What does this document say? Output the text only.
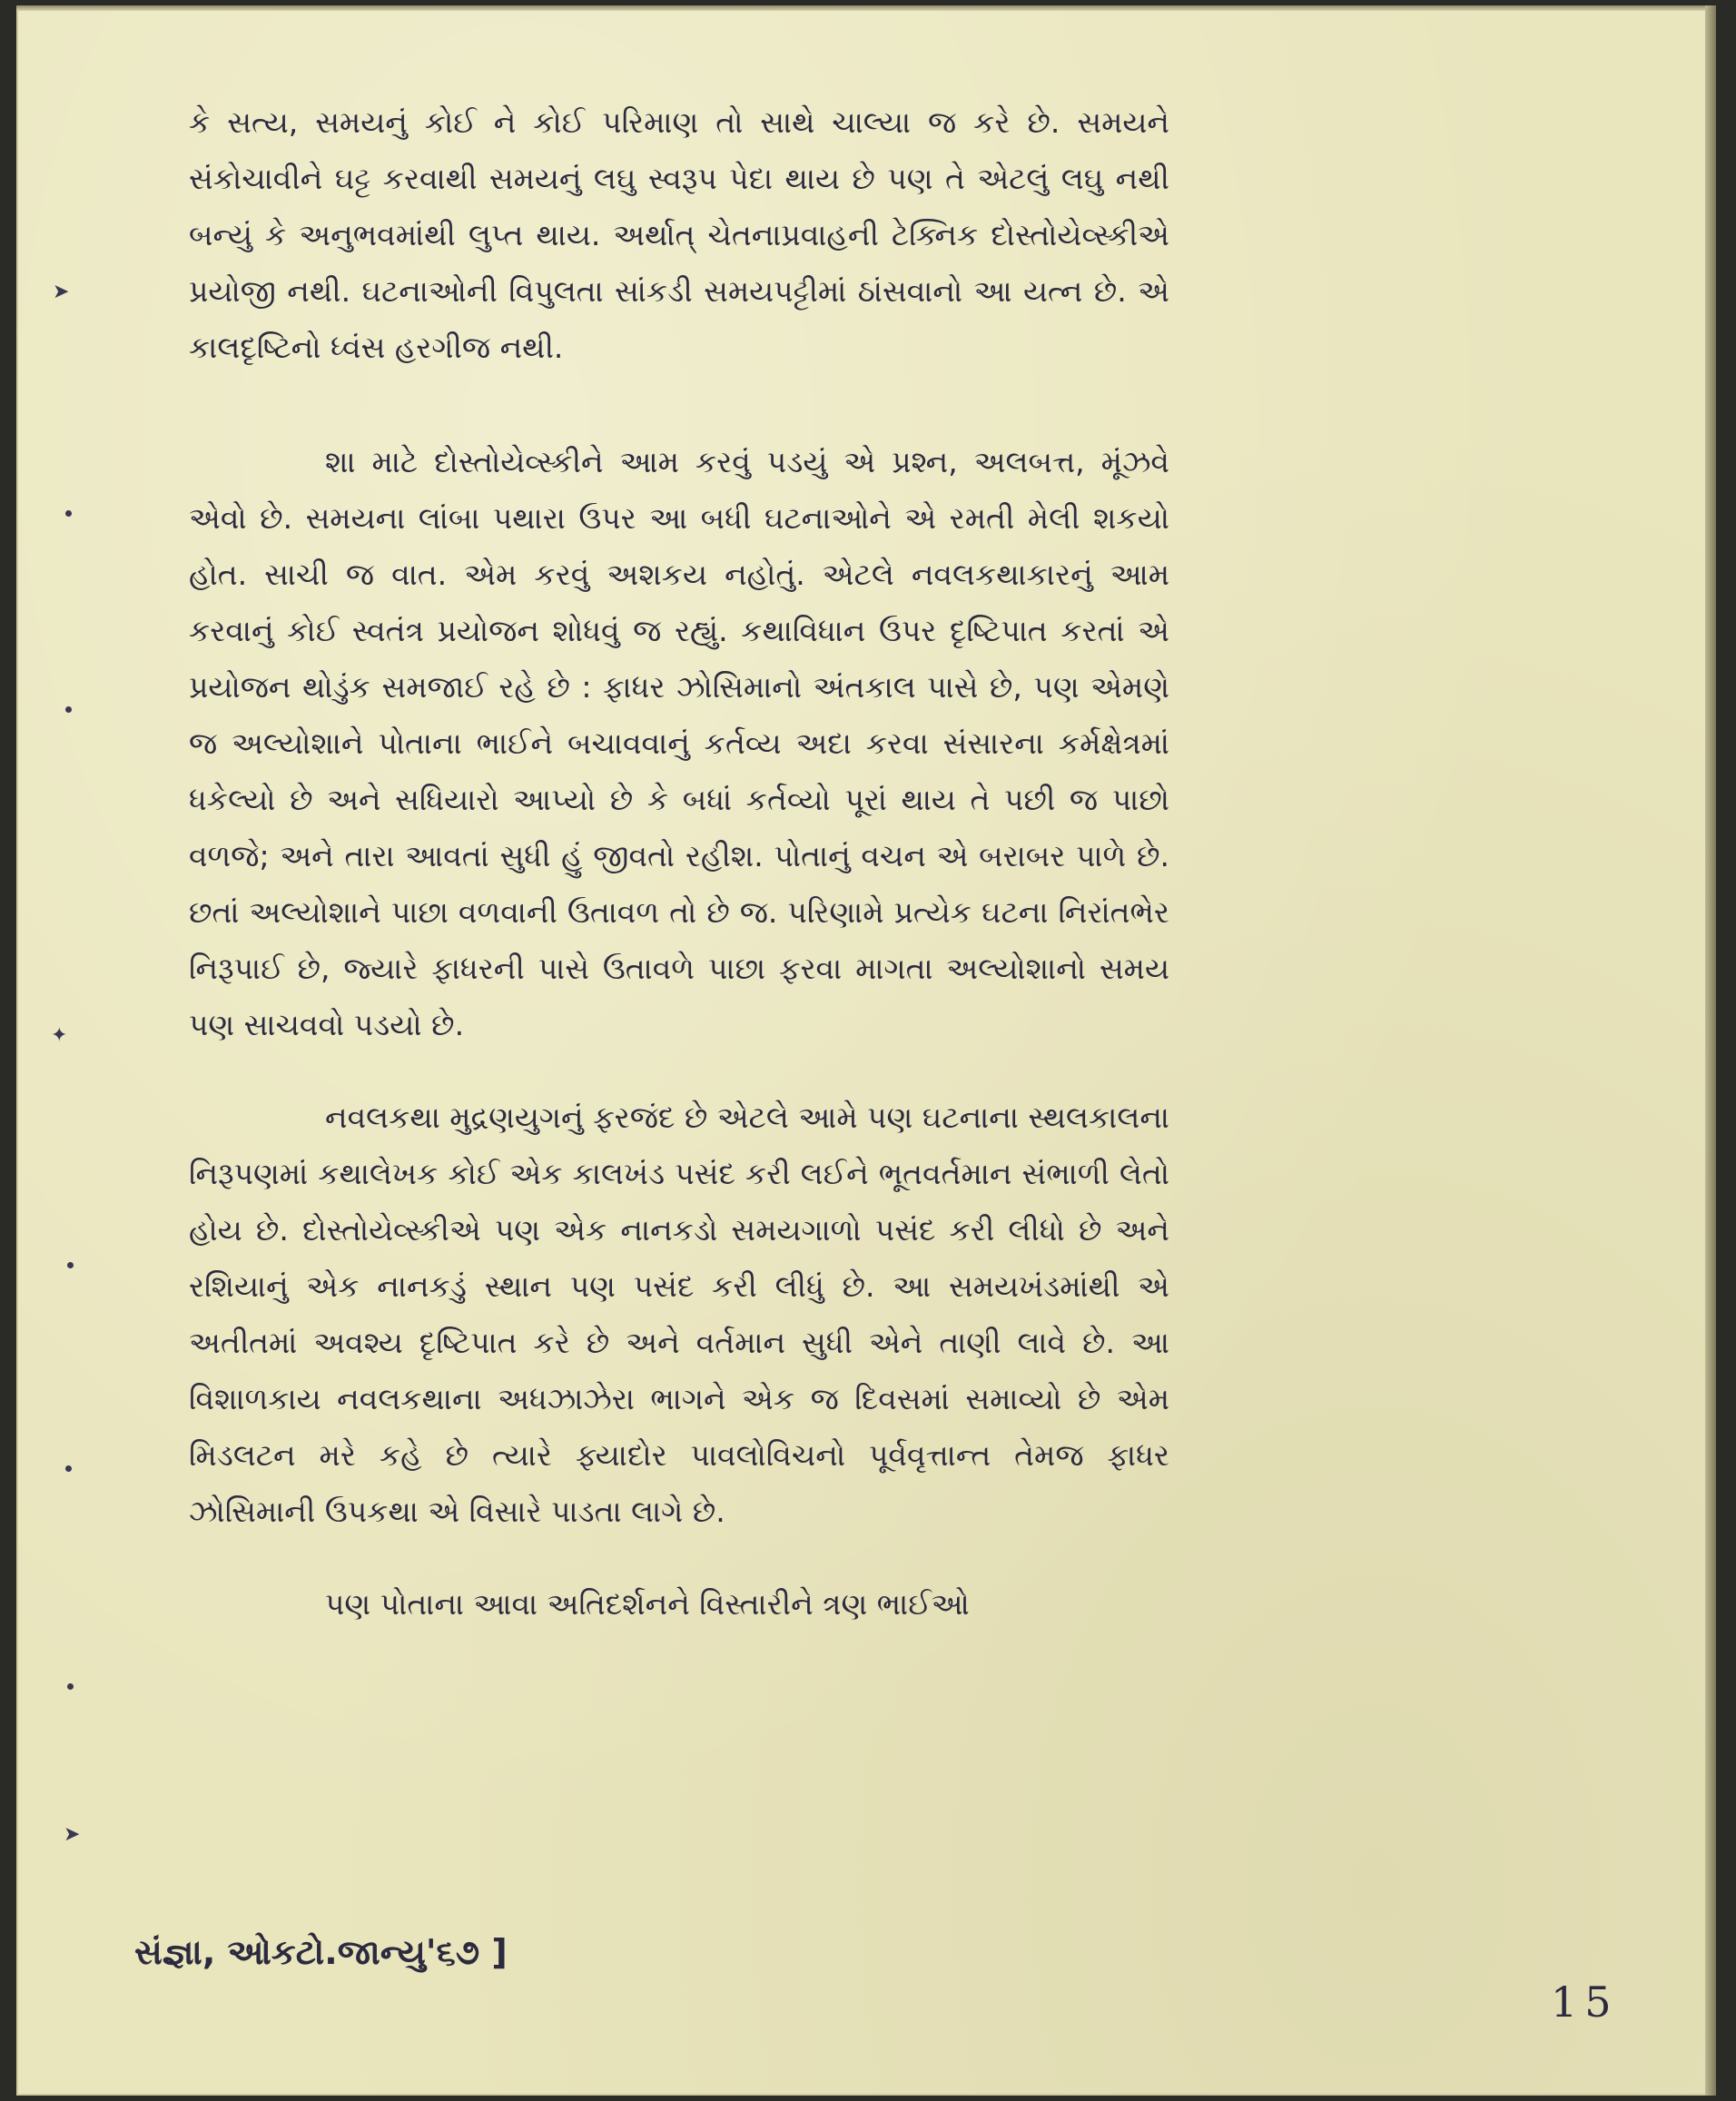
➤
✦
➤

કે સત્ય, સમયનું કોઈ ને કોઈ પરિમાણ તો સાથે ચાલ્યા જ કરે છે. સમયને સંકોચાવીને ઘટ્ટ કરવાથી સમયનું લઘુ સ્વરૂપ પેદા થાય છે પણ તે એટલું લઘુ નથી બન્યું કે અનુભવમાંથી લુપ્ત થાય. અર્થાત્ ચેતનાપ્રવાહની ટેક્નિક દોસ્તોયેવ્સ્કીએ પ્રયોજી નથી. ઘટનાઓની વિપુલતા સાંકડી સમયપટ્ટીમાં ઠાંસવાનો આ યત્ન છે. એ કાલદૃષ્ટિનો ધ્વંસ હરગીજ નથી.

શા માટે દોસ્તોયેવ્સ્કીને આમ કરવું પડયું એ પ્રશ્ન, અલબત્ત, મૂંઝવે એવો છે. સમયના લાંબા પથારા ઉપર આ બધી ઘટનાઓને એ રમતી મેલી શકયો હોત. સાચી જ વાત. એમ કરવું અશકય નહોતું. એટલે નવલકથાકારનું આમ કરવાનું કોઈ સ્વતંત્ર પ્રયોજન શોધવું જ રહ્યું. કથાવિધાન ઉપર દૃષ્ટિપાત કરતાં એ પ્રયોજન થોડુંક સમજાઈ રહે છે : ફાધર ઝોસિમાનો અંતકાલ પાસે છે, પણ એમણે જ અલ્યોશાને પોતાના ભાઈને બચાવવાનું કર્તવ્ય અદા કરવા સંસારના કર્મક્ષેત્રમાં ધકેલ્યો છે અને સધિયારો આપ્યો છે કે બધાં કર્તવ્યો પૂરાં થાય તે પછી જ પાછો વળજે; અને તારા આવતાં સુધી હું જીવતો રહીશ. પોતાનું વચન એ બરાબર પાળે છે. છતાં અલ્યોશાને પાછા વળવાની ઉતાવળ તો છે જ. પરિણામે પ્રત્યેક ઘટના નિરાંતભેર નિરૂપાઈ છે, જ્યારે ફાધરની પાસે ઉતાવળે પાછા ફરવા માગતા અલ્યોશાનો સમય પણ સાચવવો પડયો છે.

નવલકથા મુદ્રણયુગનું ફરજંદ છે એટલે આમે પણ ઘટનાના સ્થલકાલના નિરૂપણમાં કથાલેખક કોઈ એક કાલખંડ પસંદ કરી લઈને ભૂતવર્તમાન સંભાળી લેતો હોય છે. દોસ્તોયેવ્સ્કીએ પણ એક નાનકડો સમયગાળો પસંદ કરી લીધો છે અને રશિયાનું એક નાનકડું સ્થાન પણ પસંદ કરી લીધું છે. આ સમયખંડમાંથી એ અતીતમાં અવશ્ય દૃષ્ટિપાત કરે છે અને વર્તમાન સુધી એને તાણી લાવે છે. આ વિશાળકાય નવલકથાના અધઝાઝેરા ભાગને એક જ દિવસમાં સમાવ્યો છે એમ મિડલટન મરે કહે છે ત્યારે ફ્યાદોર પાવલોવિચનો પૂર્વવૃત્તાન્ત તેમજ ફાધર ઝોસિમાની ઉપકથા એ વિસારે પાડતા લાગે છે.

પણ પોતાના આવા અતિદર્શનને વિસ્તારીને ત્રણ ભાઈઓ

સંજ્ઞા, ઓકટો.જાન્યુ'૬૭ ]
15
